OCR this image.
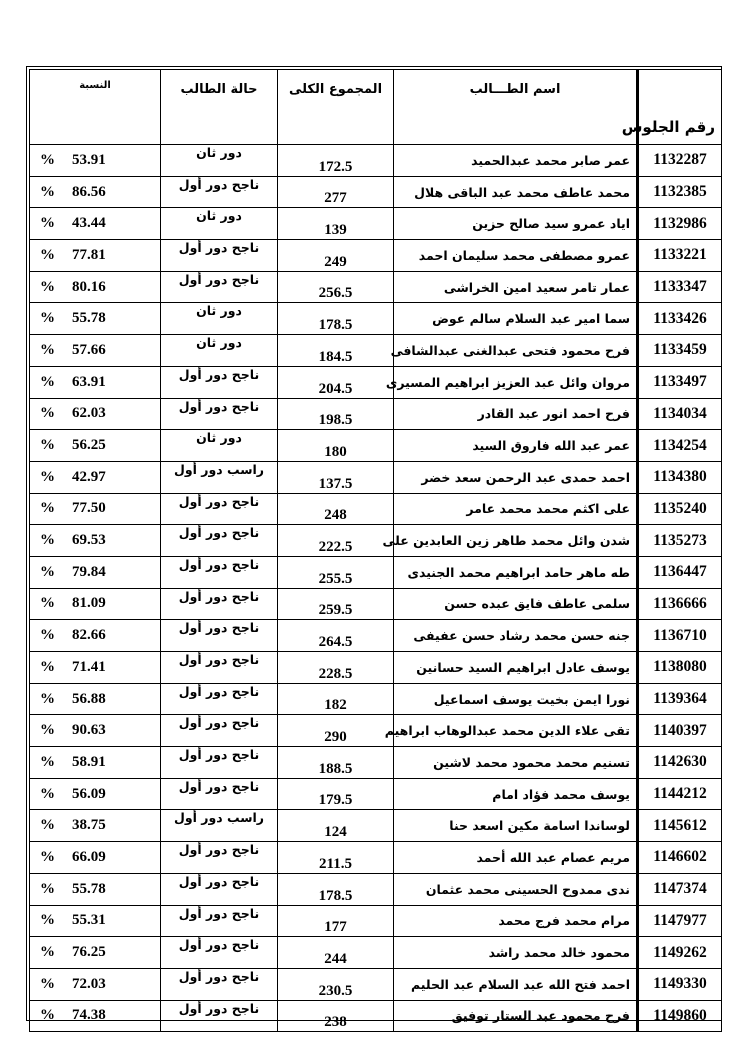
رقم الجلوس	اسم الطـــالب	المجموع الكلى	حالة الطالب	النسبة
1132287	عمر صابر محمد عبدالحميد	172.5	دور ثان	% 53.91
1132385	محمد عاطف محمد عبد الباقى هلال	277	ناجح دور أول	% 86.56
1132986	اياد عمرو سيد صالح حزين	139	دور ثان	% 43.44
1133221	عمرو مصطفى محمد سليمان احمد	249	ناجح دور أول	% 77.81
1133347	عمار تامر سعيد امين الخراشى	256.5	ناجح دور أول	% 80.16
1133426	سما امير عبد السلام سالم عوض	178.5	دور ثان	% 55.78
1133459	فرح محمود فتحى عبدالغنى عبدالشافى	184.5	دور ثان	% 57.66
1133497	مروان وائل عبد العزيز ابراهيم المسيرى	204.5	ناجح دور أول	% 63.91
1134034	فرح احمد انور عبد القادر	198.5	ناجح دور أول	% 62.03
1134254	عمر عبد الله فاروق السيد	180	دور ثان	% 56.25
1134380	احمد حمدى عبد الرحمن سعد خضر	137.5	راسب دور أول	% 42.97
1135240	على اكثم محمد محمد عامر	248	ناجح دور أول	% 77.50
1135273	شدن وائل محمد طاهر زين العابدين على	222.5	ناجح دور أول	% 69.53
1136447	طه ماهر حامد ابراهيم محمد الجنيدى	255.5	ناجح دور أول	% 79.84
1136666	سلمى عاطف فايق عبده حسن	259.5	ناجح دور أول	% 81.09
1136710	جنه حسن محمد رشاد حسن عفيفى	264.5	ناجح دور أول	% 82.66
1138080	يوسف عادل ابراهيم السيد حسانين	228.5	ناجح دور أول	% 71.41
1139364	نورا ايمن بخيت يوسف اسماعيل	182	ناجح دور أول	% 56.88
1140397	تقى علاء الدين محمد عبدالوهاب ابراهيم	290	ناجح دور أول	% 90.63
1142630	تسنيم محمد محمود محمد لاشين	188.5	ناجح دور أول	% 58.91
1144212	يوسف محمد فؤاد امام	179.5	ناجح دور أول	% 56.09
1145612	لوساندا اسامة مكين اسعد حنا	124	راسب دور أول	% 38.75
1146602	مريم عصام عبد الله أحمد	211.5	ناجح دور أول	% 66.09
1147374	ندى ممدوح الحسينى محمد عثمان	178.5	ناجح دور أول	% 55.78
1147977	مرام محمد فرج محمد	177	ناجح دور أول	% 55.31
1149262	محمود خالد محمد راشد	244	ناجح دور أول	% 76.25
1149330	احمد فتح الله عبد السلام عبد الحليم	230.5	ناجح دور أول	% 72.03
1149860	فرح محمود عبد الستار توفيق	238	ناجح دور أول	% 74.38
